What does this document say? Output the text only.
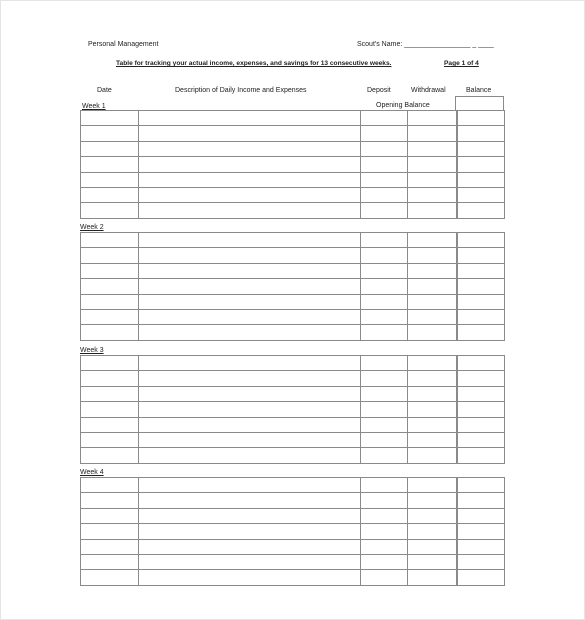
Personal Management	Scout's Name: _________________ _ ____
Table for tracking your actual income, expenses, and savings for 13 consecutive weeks.	Page 1 of 4
Date	Description of Daily Income and Expenses	Deposit	Withdrawal	Balance
Opening Balance
Week 1
Week 2
Week 3
Week 4
